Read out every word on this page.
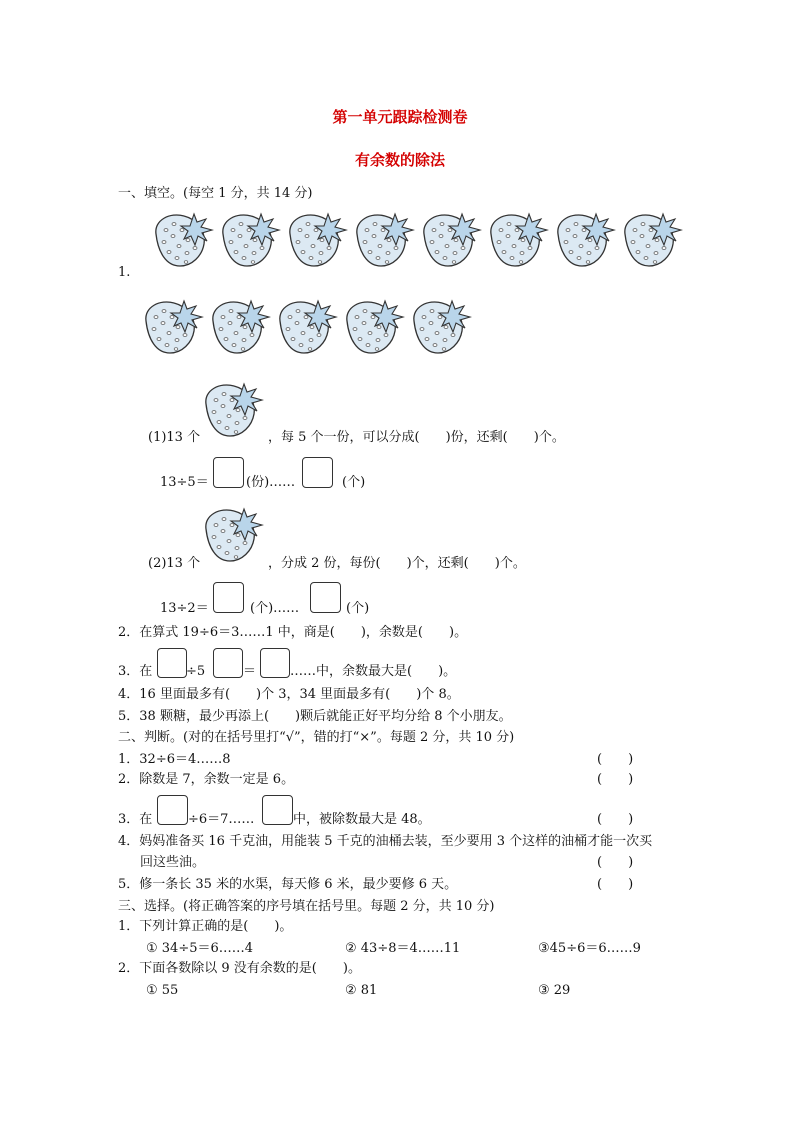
第一单元跟踪检测卷
有余数的除法
一、填空。(每空 1 分，共 14 分)
1.
(1)13 个	，每 5 个一份，可以分成(　　)份，还剩(　　)个。
13÷5＝	(份)……	(个)
(2)13 个	，分成 2 份，每份(　　)个，还剩(　　)个。
13÷2＝	(个)……	(个)
2．在算式 19÷6＝3……1 中，商是(　　)，余数是(　　)。
3．在	÷5	＝	……中，余数最大是(　　)。
4．16 里面最多有(　　)个 3，34 里面最多有(　　)个 8。
5．38 颗糖，最少再添上(　　)颗后就能正好平均分给 8 个小朋友。
二、判断。(对的在括号里打“√”，错的打“×”。每题 2 分，共 10 分)
1．32÷6＝4……8	(　　)
2．除数是 7，余数一定是 6。	(　　)
3．在	÷6＝7……	中，被除数最大是 48。	(　　)
4．妈妈准备买 16 千克油，用能装 5 千克的油桶去装，至少要用 3 个这样的油桶才能一次买
回这些油。	(　　)
5．修一条长 35 米的水渠，每天修 6 米，最少要修 6 天。	(　　)
三、选择。(将正确答案的序号填在括号里。每题 2 分，共 10 分)
1．下列计算正确的是(　　)。
① 34÷5＝6……4	② 43÷8＝4……11	③45÷6＝6……9
2．下面各数除以 9 没有余数的是(　　)。
① 55	② 81	③ 29
